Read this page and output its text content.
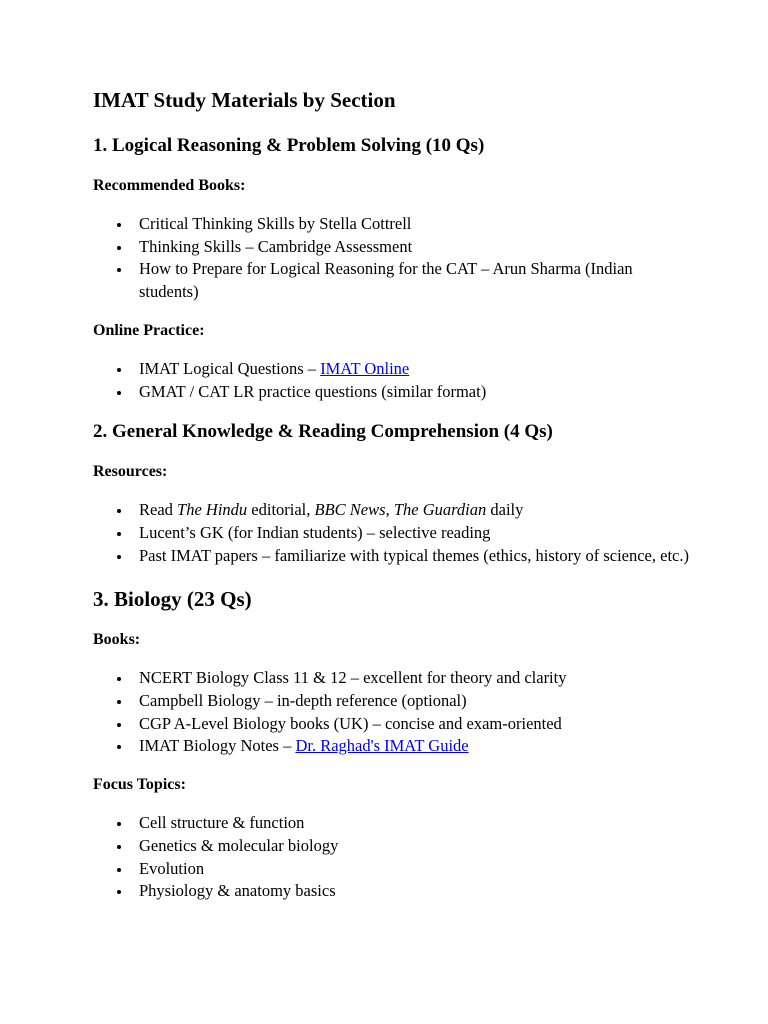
IMAT Study Materials by Section
1. Logical Reasoning & Problem Solving (10 Qs)

Recommended Books:

Critical Thinking Skills by Stella Cottrell
Thinking Skills – Cambridge Assessment
How to Prepare for Logical Reasoning for the CAT – Arun Sharma (Indian students)

Online Practice:

IMAT Logical Questions – IMAT Online
GMAT / CAT LR practice questions (similar format)
2. General Knowledge & Reading Comprehension (4 Qs)

Resources:

Read The Hindu editorial, BBC News, The Guardian daily
Lucent’s GK (for Indian students) – selective reading
Past IMAT papers – familiarize with typical themes (ethics, history of science, etc.)
3. Biology (23 Qs)

Books:

NCERT Biology Class 11 & 12 – excellent for theory and clarity
Campbell Biology – in-depth reference (optional)
CGP A-Level Biology books (UK) – concise and exam-oriented
IMAT Biology Notes – Dr. Raghad's IMAT Guide

Focus Topics:

Cell structure & function
Genetics & molecular biology
Evolution
Physiology & anatomy basics
